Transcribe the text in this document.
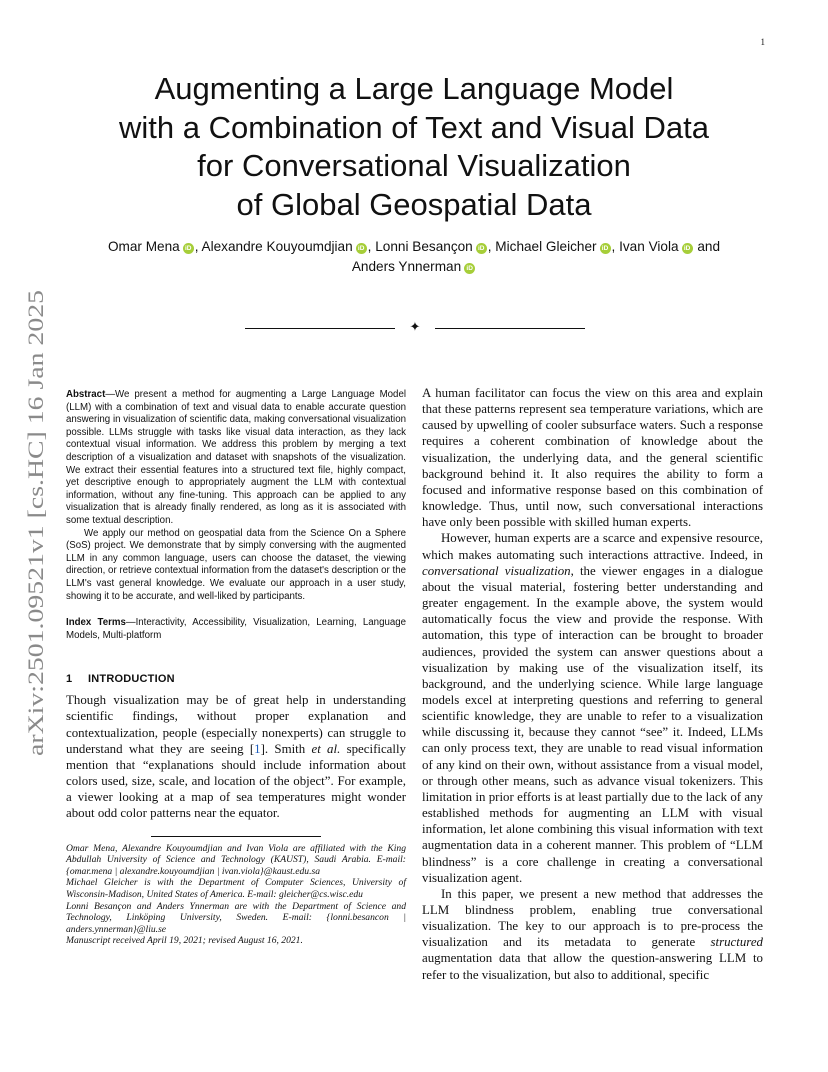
1
arXiv:2501.09521v1 [cs.HC] 16 Jan 2025
Augmenting a Large Language Model
with a Combination of Text and Visual Data
for Conversational Visualization
of Global Geospatial Data
Omar Mena iD , Alexandre Kouyoumdjian iD , Lonni Besançon iD , Michael Gleicher iD , Ivan Viola iD and
Anders Ynnerman iD
✦

Abstract—We present a method for augmenting a Large Language Model (LLM) with a combination of text and visual data to enable accurate question answering in visualization of scientific data, making conversational visualization possible. LLMs struggle with tasks like visual data interaction, as they lack contextual visual information. We address this problem by merging a text description of a visualization and dataset with snapshots of the visualization. We extract their essential features into a structured text file, highly compact, yet descriptive enough to appropriately augment the LLM with contextual information, without any fine-tuning. This approach can be applied to any visualization that is already finally rendered, as long as it is associated with some textual description.

We apply our method on geospatial data from the Science On a Sphere (SoS) project. We demonstrate that by simply conversing with the augmented LLM in any common language, users can choose the dataset, the viewing direction, or retrieve contextual information from the dataset's description or the LLM's vast general knowledge. We evaluate our approach in a user study, showing it to be accurate, and well-liked by participants.

Index Terms—Interactivity, Accessibility, Visualization, Learning, Language Models, Multi-platform

1 INTRODUCTION

Though visualization may be of great help in understanding scientific findings, without proper explanation and contextualization, people (especially nonexperts) can struggle to understand what they are seeing [1]. Smith et al. specifically mention that “explanations should include information about colors used, size, scale, and location of the object”. For example, a viewer looking at a map of sea temperatures might wonder about odd color patterns near the equator.

Omar Mena, Alexandre Kouyoumdjian and Ivan Viola are affiliated with the King Abdullah University of Science and Technology (KAUST), Saudi Arabia. E-mail: {omar.mena | alexandre.kouyoumdjian | ivan.viola}@kaust.edu.sa

Michael Gleicher is with the Department of Computer Sciences, University of Wisconsin-Madison, United States of America. E-mail: gleicher@cs.wisc.edu

Lonni Besançon and Anders Ynnerman are with the Department of Science and Technology, Linköping University, Sweden. E-mail: {lonni.besancon | anders.ynnerman}@liu.se

Manuscript received April 19, 2021; revised August 16, 2021.

A human facilitator can focus the view on this area and explain that these patterns represent sea temperature variations, which are caused by upwelling of cooler subsurface waters. Such a response requires a coherent combination of knowledge about the visualization, the underlying data, and the general scientific background behind it. It also requires the ability to form a focused and informative response based on this combination of knowledge. Thus, until now, such conversational interactions have only been possible with skilled human experts.

However, human experts are a scarce and expensive resource, which makes automating such interactions attractive. Indeed, in conversational visualization, the viewer engages in a dialogue about the visual material, fostering better understanding and greater engagement. In the example above, the system would automatically focus the view and provide the response. With automation, this type of interaction can be brought to broader audiences, provided the system can answer questions about a visualization by making use of the visualization itself, its background, and the underlying science. While large language models excel at interpreting questions and referring to general scientific knowledge, they are unable to refer to a visualization while discussing it, because they cannot “see” it. Indeed, LLMs can only process text, they are unable to read visual information of any kind on their own, without assistance from a visual model, or through other means, such as advance visual tokenizers. This limitation in prior efforts is at least partially due to the lack of any established methods for augmenting an LLM with visual information, let alone combining this visual information with text augmentation data in a coherent manner. This problem of “LLM blindness” is a core challenge in creating a conversational visualization agent.

In this paper, we present a new method that addresses the LLM blindness problem, enabling true conversational visualization. The key to our approach is to pre-process the visualization and its metadata to generate structured augmentation data that allow the question-answering LLM to refer to the visualization, but also to additional, specific
